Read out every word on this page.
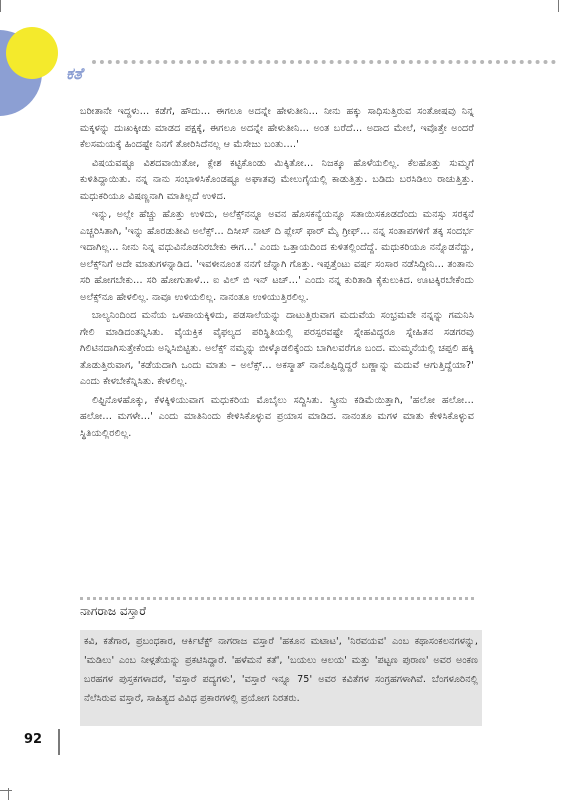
ಕತೆ

ಬರೀತಾನೇ ಇದ್ದಳು... ಕಡೆಗೆ, ಹೌದು... ಈಗಲೂ ಅದನ್ನೇ ಹೇಳುತೀನಿ... ನೀನು ಹಕ್ಕು ಸಾಧಿಸುತ್ತಿರುವ ಸಂತೋಷವು ನಿನ್ನ ಮಕ್ಕಳನ್ನು ದುಃಖಕ್ಕೀಡು ಮಾಡದ ಪಕ್ಷಕ್ಕೆ, ಈಗಲೂ ಅದನ್ನೇ ಹೇಳುತೀನಿ... ಅಂತ ಬರೆದೆ... ಅದಾದ ಮೇಲೆ, ಇವೊತ್ತೇ ಅಂದರೆ ಕೆಲಸಮಯಕ್ಕೆ ಹಿಂದಷ್ಟೇ ನಿನಗೆ ತೋರಿಸಿದೆನಲ್ಲ ಆ ಮೆಸೇಜು ಬಂತು....'

ವಿಷಯವಷ್ಟೂ ವಿಶದವಾಯಿತೋ, ಕ್ಲೇಶ ಕಟ್ಟಿಕೊಂಡು ಮಿಕ್ಕಿತೋ... ನಿಜಕ್ಕೂ ಹೊಳೆಯಲಿಲ್ಲ. ಕೆಲಹೊತ್ತು ಸುಮ್ಮಗೆ ಕುಳಿತಿದ್ದಾಯಿತು. ನನ್ನ ನಾನು ಸಂಭಾಳಿಸಿಕೊಂಡಷ್ಟೂ ಅಘಾತವು ಮೇಲುಗೈಯಲ್ಲಿ ಕಾಡುತ್ತಿತ್ತು. ಬಡಿದು ಬರಸಿಡಿಲು ರಾಚುತ್ತಿತ್ತು. ಮಧುಕರಿಯೂ ವಿಷಣ್ಣನಾಗಿ ಮಾತಿಲ್ಲದೆ ಉಳಿದ.

ಇನ್ನು, ಅಲ್ಲೇ ಹೆಚ್ಚು ಹೊತ್ತು ಉಳಿದು, ಅಲೆಕ್ಸ್‌ನನ್ನೂ ಅವನ ಹೊಸಕನ್ಯೆಯನ್ನೂ ಸತಾಯಿಸಕೂಡದೆಂದು ಮನಸ್ಸು ಸರಕ್ಕನೆ ಎಚ್ಚರಿಸಿತಾಗಿ, 'ಇನ್ನು ಹೊರಡುತೀವಿ ಅಲೆಕ್ಸ್... ದಿಸೀಸ್ ನಾಟ್ ದಿ ಪ್ಲೇಸ್ ಫಾರ್ ಮೈ ಗ್ರೀಫ್... ನನ್ನ ಸಂತಾಪಗಳಿಗೆ ತಕ್ಕ ಸಂದರ್ಭ ಇದಾಗಿಲ್ಲ... ನೀನು ನಿನ್ನ ವಧುವಿನೊಡನಿರಬೇಕು ಈಗ...' ಎಂದು ಒತ್ತಾಯದಿಂದ ಕುಳಿತಲ್ಲಿಂದೆದ್ದೆ. ಮಧುಕರಿಯೂ ನನ್ನೊಡನೆದ್ದು, ಅಲೆಕ್ಸ್‌ನಿಗೆ ಅದೇ ಮಾತುಗಳನ್ನಾಡಿದ. 'ಇವಳೀನೂಂತ ನನಗೆ ಚೆನ್ನಾಗಿ ಗೊತ್ತು. ಇಪ್ಪತ್ತೆಂಟು ವರ್ಷ ಸಂಸಾರ ನಡೆಸಿದ್ದೀನಿ... ತಂತಾನು ಸರಿ ಹೋಗಬೇಕು... ಸರಿ ಹೋಗುತಾಳೆ... ಐ ವಿಲ್ ಬಿ ಇನ್ ಟಚ್...' ಎಂದು ನನ್ನ ಕುರಿತಾಡಿ ಕೈಕುಲುಕಿದ. ಊಟಕ್ಕಿರಬೇಕೆಂದು ಅಲೆಕ್ಸ್‌ನೂ ಹೇಳಲಿಲ್ಲ. ನಾವೂ ಉಳಿಯಲಿಲ್ಲ. ನಾನಂತೂ ಉಳಿಯುತ್ತಿರಲಿಲ್ಲ.

ಬಾಲ್ಯನಿಂದಿಂದ ಮನೆಯ ಒಳಪಾಯಕ್ಕಿಳಿದು, ಪಡಸಾಲೆಯನ್ನು ದಾಟುತ್ತಿರುವಾಗ ಮದುವೆಯ ಸಂಭ್ರಮವೇ ನನ್ನನ್ನು ಗಮನಿಸಿ ಗೇಲಿ ಮಾಡಿದಂತನ್ನಿಸಿತು. ವೈಯಕ್ತಿಕ ವೈಫಲ್ಯದ ಪರಿಸ್ಥಿತಿಯಲ್ಲಿ ಪರಸ್ಪರವಷ್ಟೇ ಸ್ನೇಹವಿದ್ದರೂ ಸ್ನೇಹಿತನ ಸಡಗರವು ಗಿಲಿಟಿನದಾಗಿಸುತ್ತೇಕೆಂದು ಅನ್ನಿಸಿಬಿಟ್ಟಿತು. ಅಲೆಕ್ಸ್ ನಮ್ಮನ್ನು ಬೀಳ್ಕೊಡಲಿಕ್ಕೆಂದು ಬಾಗಿಲವರೆಗೂ ಬಂದ. ಮುಮ್ಮನೆಯಲ್ಲಿ ಚಪ್ಪಲಿ ಹಕ್ಕಿ ತೊಡುತ್ತಿರುವಾಗ, 'ಕಡೆಯದಾಗಿ ಒಂದು ಮಾತು – ಅಲೆಕ್ಸ್... ಅಕಸ್ಮಾತ್ ನಾನೊಪ್ಪಿದ್ದಿದ್ದರೆ ಬಣ್ಣಾನ್ನು ಮದುವೆ ಆಗುತ್ತಿದ್ದೆಯಾ?' ಎಂದು ಕೇಳಬೇಕೆನ್ನಿಸಿತು. ಕೇಳಲಿಲ್ಲ.

ಲಿಫ್ಟಿನೊಳಹೊಕ್ಕು, ಕೆಳಕ್ಕಿಳಿಯುವಾಗ ಮಧುಕರಿಯ ಮೊಬೈಲು ಸದ್ದಿಸಿತು. ಸ್ಕ್ರೀನು ಕಡಿಮೆಯಿತ್ತಾಗಿ, 'ಹಲೋ ಹಲೋ... ಹಲೋ... ಮಗಳೇ...' ಎಂದು ಮಾತಿನಿಂದು ಕೇಳಿಸಿಕೊಳ್ಳುವ ಪ್ರಯಾಸ ಮಾಡಿದ. ನಾನಂತೂ ಮಗಳ ಮಾತು ಕೇಳಿಸಿಕೊಳ್ಳುವ ಸ್ಥಿತಿಯಲ್ಲಿರಲಿಲ್ಲ.

ನಾಗರಾಜ ವಸ್ತಾರೆ

ಕವಿ, ಕತೆಗಾರ, ಪ್ರಬಂಧಕಾರ, ಆರ್ಕಿಟೆಕ್ಟ್ ನಾಗರಾಜ ವಸ್ತಾರೆ 'ಹಕೂನ ಮಟಾಟ', 'ನಿರವಯವ' ಎಂಬ ಕಥಾಸಂಕಲನಗಳನ್ನು, 'ಮಡಿಲು' ಎಂಬ ನೀಳ್ಗತೆಯನ್ನು ಪ್ರಕಟಿಸಿದ್ದಾರೆ. 'ಹಳೆಮನೆ ಕತೆ', 'ಬಯಲು ಆಲಯ' ಮತ್ತು 'ಪಟ್ಟಣ ಪುರಾಣ' ಅವರ ಅಂಕಣ ಬರಹಗಳ ಪುಸ್ತಕಗಳಾದರೆ, 'ವಸ್ತಾರೆ ಪದ್ಯಗಳು', 'ವಸ್ತಾರೆ ಇನ್ನೂ 75' ಅವರ ಕವಿತೆಗಳ ಸಂಗ್ರಹಗಳಾಗಿವೆ. ಬೆಂಗಳೂರಿನಲ್ಲಿ ನೆಲೆಸಿರುವ ವಸ್ತಾರೆ, ಸಾಹಿತ್ಯದ ವಿವಿಧ ಪ್ರಕಾರಗಳಲ್ಲಿ ಪ್ರಯೋಗ ನಿರತರು.

92
